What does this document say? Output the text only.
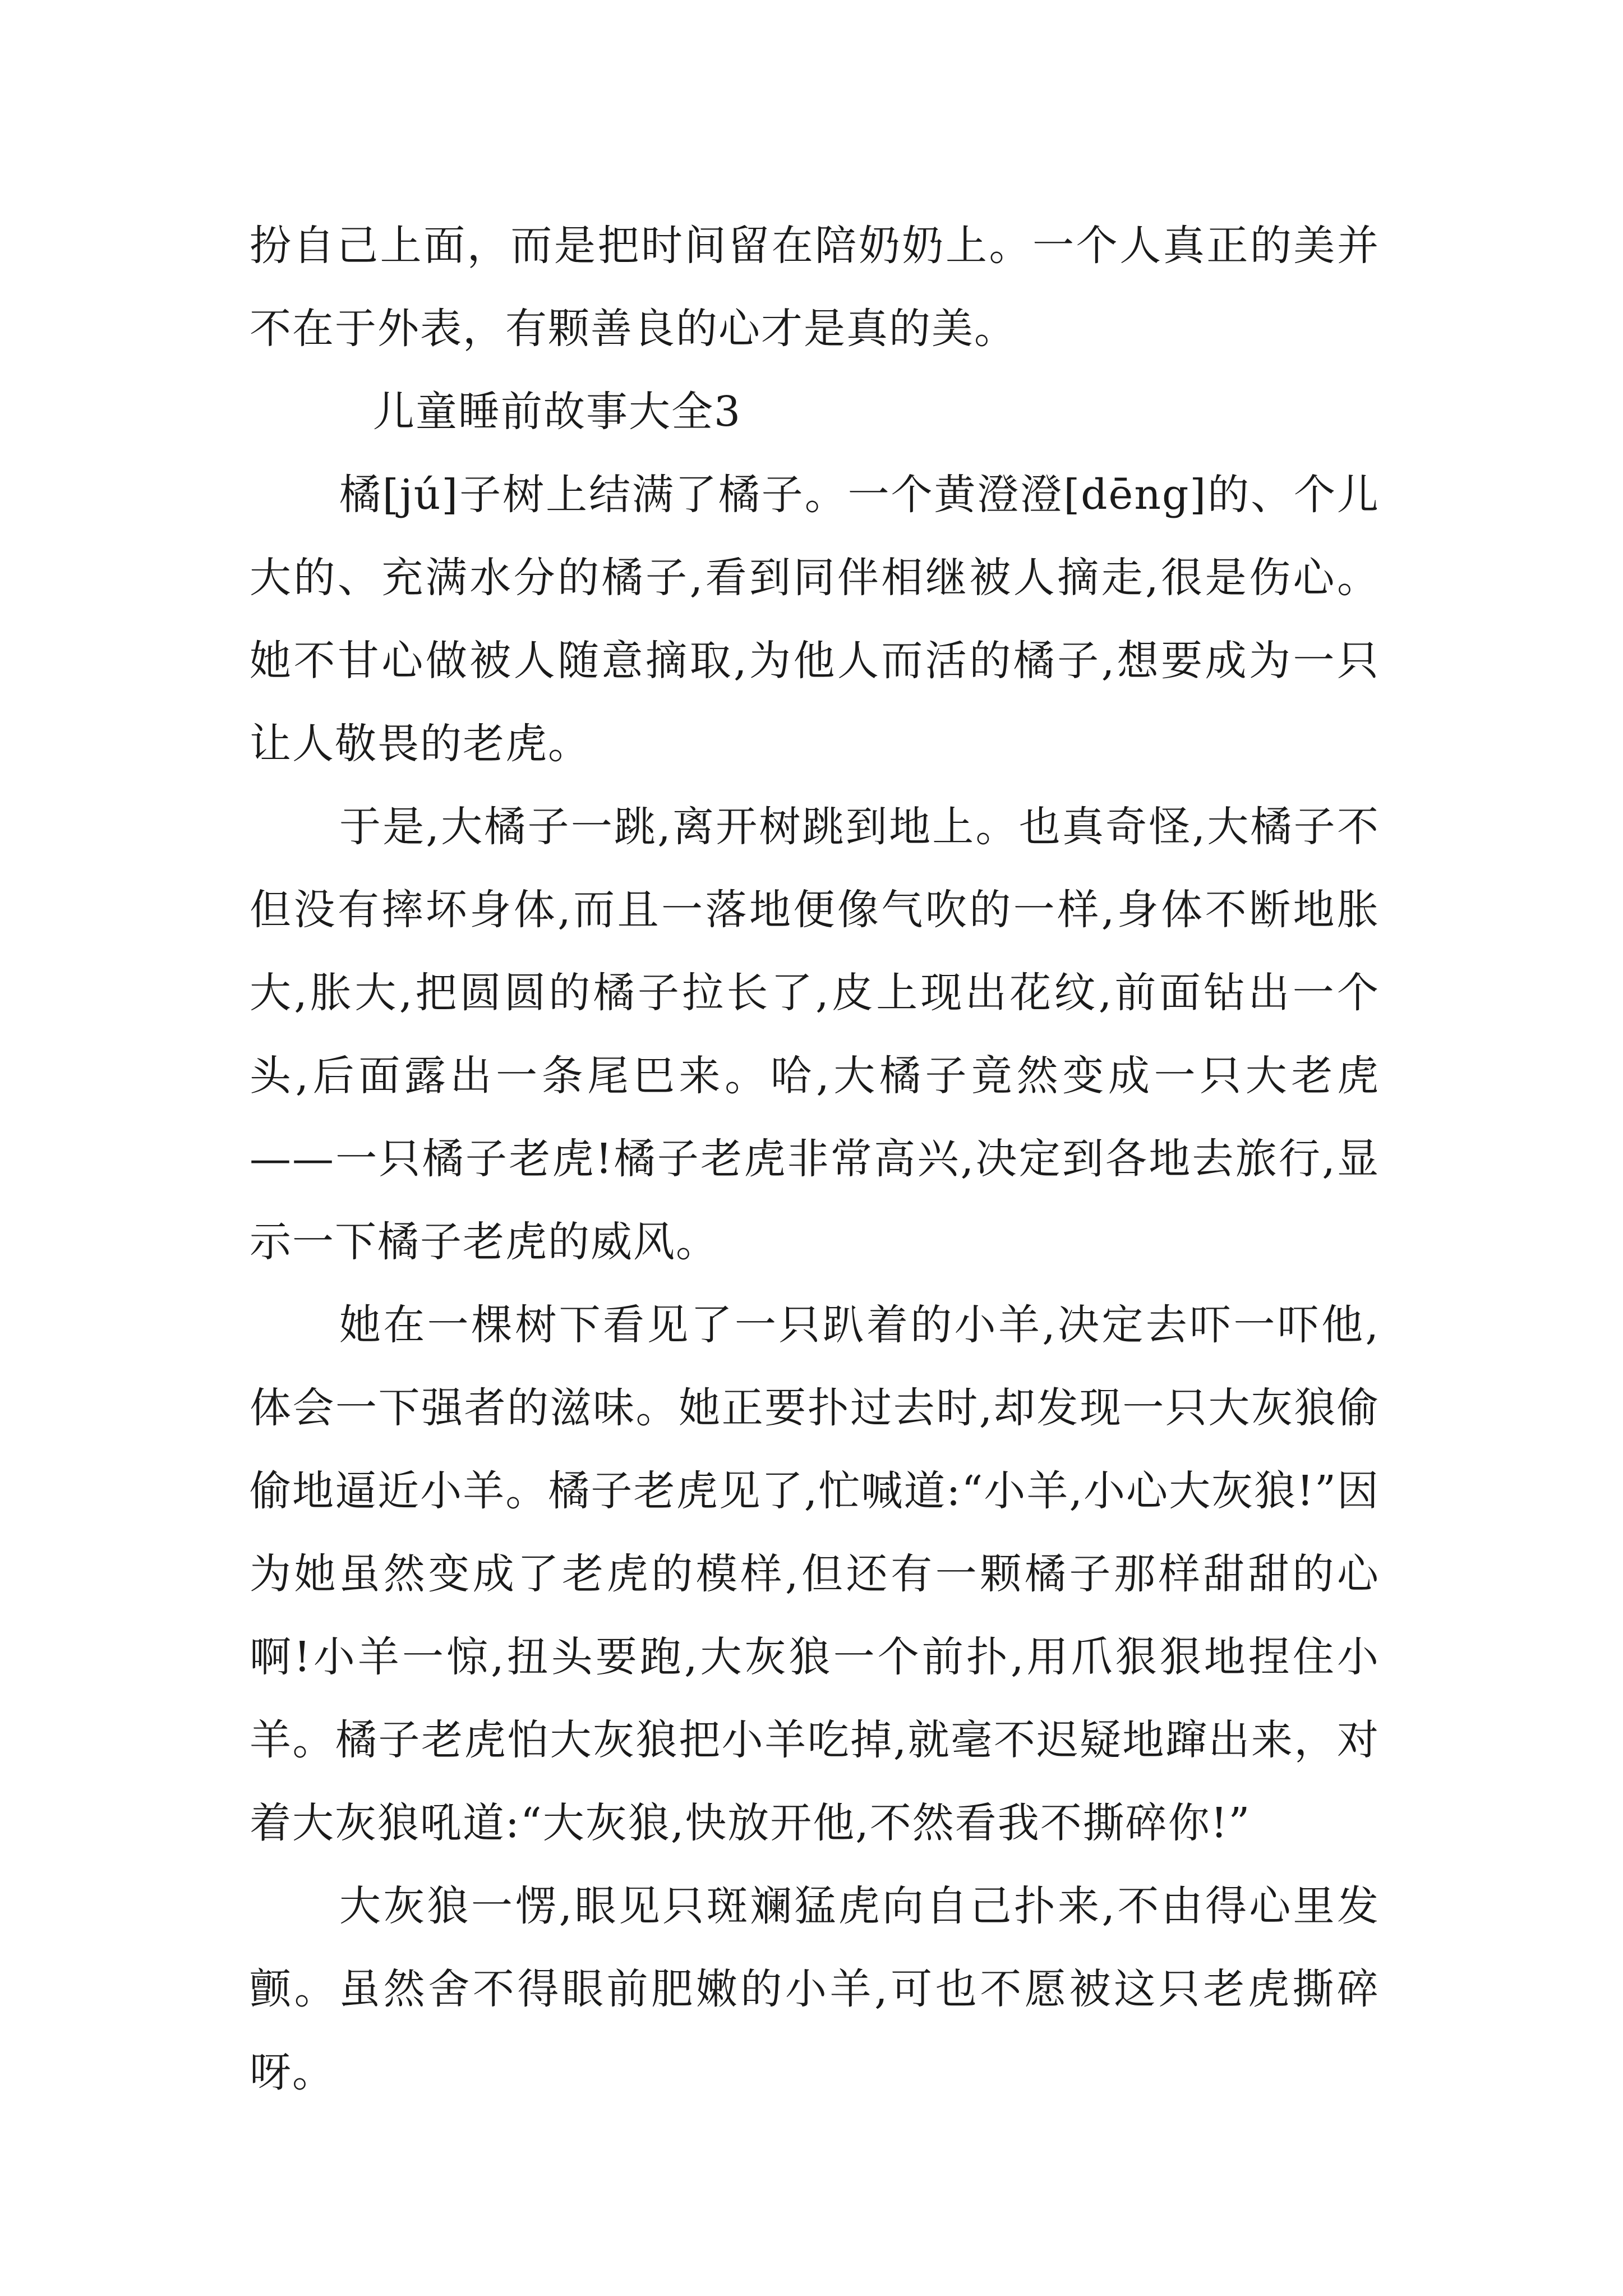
扮自己上面，而是把时间留在陪奶奶上。一个人真正的美并不在于外表，有颗善良的心才是真的美。

儿童睡前故事大全3

橘[jú]子树上结满了橘子。一个黄澄澄[dēng]的、个儿大的、充满水分的橘子,看到同伴相继被人摘走,很是伤心。她不甘心做被人随意摘取,为他人而活的橘子,想要成为一只让人敬畏的老虎。

于是,大橘子一跳,离开树跳到地上。也真奇怪,大橘子不但没有摔坏身体,而且一落地便像气吹的一样,身体不断地胀大,胀大,把圆圆的橘子拉长了,皮上现出花纹,前面钻出一个头,后面露出一条尾巴来。哈,大橘子竟然变成一只大老虎——一只橘子老虎!橘子老虎非常高兴,决定到各地去旅行,显示一下橘子老虎的威风。

她在一棵树下看见了一只趴着的小羊,决定去吓一吓他,体会一下强者的滋味。她正要扑过去时,却发现一只大灰狼偷偷地逼近小羊。橘子老虎见了,忙喊道:“小羊,小心大灰狼!”因为她虽然变成了老虎的模样,但还有一颗橘子那样甜甜的心啊!小羊一惊,扭头要跑,大灰狼一个前扑,用爪狠狠地捏住小羊。橘子老虎怕大灰狼把小羊吃掉,就毫不迟疑地蹿出来，对着大灰狼吼道:“大灰狼,快放开他,不然看我不撕碎你!”

大灰狼一愣,眼见只斑斓猛虎向自己扑来,不由得心里发颤。虽然舍不得眼前肥嫩的小羊,可也不愿被这只老虎撕碎呀。
